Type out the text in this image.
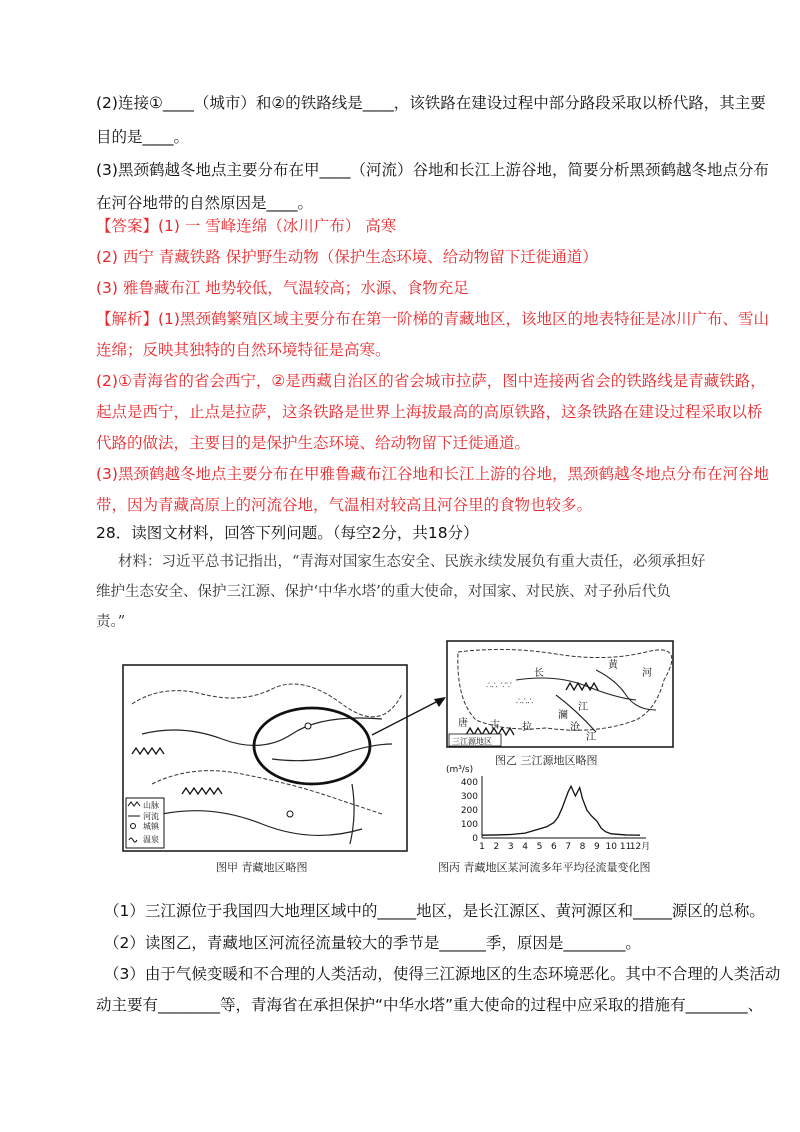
(2)连接①____（城市）和②的铁路线是____，该铁路在建设过程中部分路段采取以桥代路，其主要
目的是____。
(3)黑颈鹤越冬地点主要分布在甲____（河流）谷地和长江上游谷地，简要分析黑颈鹤越冬地点分布
在河谷地带的自然原因是____。
【答案】(1) 一 雪峰连绵（冰川广布） 高寒
(2) 西宁 青藏铁路 保护野生动物（保护生态环境、给动物留下迁徙通道）
(3) 雅鲁藏布江 地势较低，气温较高；水源、食物充足
【解析】(1)黑颈鹤繁殖区域主要分布在第一阶梯的青藏地区，该地区的地表特征是冰川广布、雪山
连绵；反映其独特的自然环境特征是高寒。
(2)①青海省的省会西宁，②是西藏自治区的省会城市拉萨，图中连接两省会的铁路线是青藏铁路，
起点是西宁，止点是拉萨，这条铁路是世界上海拔最高的高原铁路，这条铁路在建设过程采取以桥
代路的做法，主要目的是保护生态环境、给动物留下迁徙通道。
(3)黑颈鹤越冬地点主要分布在甲雅鲁藏布江谷地和长江上游的谷地，黑颈鹤越冬地点分布在河谷地
带，因为青藏高原上的河流谷地，气温相对较高且河谷里的食物也较多。
28．读图文材料，回答下列问题。（每空2分，共18分）
材料：习近平总书记指出，“青海对国家生态安全、民族永续发展负有重大责任，必须承担好
维护生态安全、保护三江源、保护‘中华水塔’的重大使命，对国家、对民族、对子孙后代负
责。”
山脉
河流
城镇
温泉
图甲 青藏地区略图
∴∴ ∵∵
∴∴∴
长
江
黄
河
唐 古 拉
澜
沧
江
三江源地区
图乙 三江源地区略图
(m³/s)
400
300
200
100
0
1 2 3 4 5 6 7 8 9 10 11
12月
图丙 青藏地区某河流多年平均径流量变化图
（1）三江源位于我国四大地理区域中的_____地区，是长江源区、黄河源区和_____源区的总称。
（2）读图乙，青藏地区河流径流量较大的季节是______季，原因是________。
（3）由于气候变暖和不合理的人类活动，使得三江源地区的生态环境恶化。其中不合理的人类活动
动主要有________等，青海省在承担保护“中华水塔”重大使命的过程中应采取的措施有________、
